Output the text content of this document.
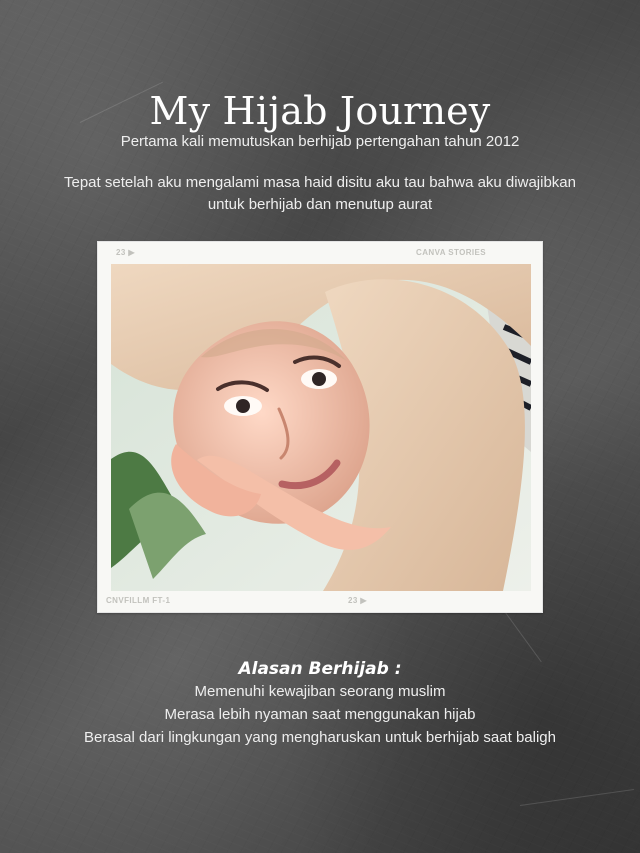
My Hijab Journey
Pertama kali memutuskan berhijab pertengahan tahun 2012
Tepat setelah aku mengalami masa haid disitu aku tau bahwa aku diwajibkan untuk berhijab dan menutup aurat
23 ▶	CANVA STORIES
CNVFILLM FT-1	23 ▶
Alasan Berhijab :
Memenuhi kewajiban seorang muslim
Merasa lebih nyaman saat menggunakan hijab
Berasal dari lingkungan yang mengharuskan untuk berhijab saat baligh
